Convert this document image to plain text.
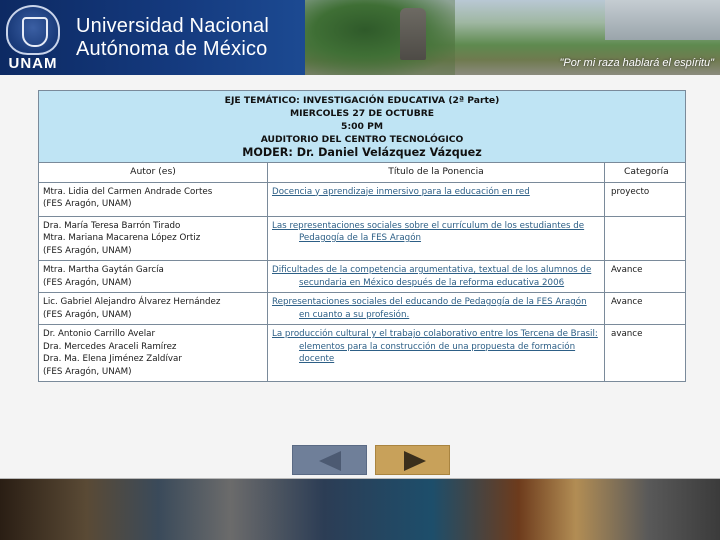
UNAM
Universidad Nacional
Autónoma de México
"Por mi raza hablará el espíritu"
EJE TEMÁTICO: INVESTIGACIÓN EDUCATIVA (2ª Parte)
MIERCOLES 27 DE OCTUBRE
5:00 PM
AUDITORIO DEL CENTRO TECNOLÓGICO
MODER: Dr. Daniel Velázquez Vázquez		

Autor (es)	Título de la Ponencia	Categoría

Mtra. Lidia del Carmen Andrade Cortes
(FES Aragón, UNAM)	Docencia y aprendizaje inmersivo para la educación en red	proyecto

Dra. María Teresa Barrón Tirado
Mtra. Mariana Macarena López Ortiz
(FES Aragón, UNAM)	Las representaciones sociales sobre el currículum de los estudiantes de Pedagogía de la FES Aragón	

Mtra. Martha Gaytán García
(FES Aragón, UNAM)	Dificultades de la competencia argumentativa, textual de los alumnos de secundaria en México después de la reforma educativa 2006	Avance

Lic. Gabriel Alejandro Álvarez Hernández
(FES Aragón, UNAM)	Representaciones sociales del educando de Pedagogía de la FES Aragón en cuanto a su profesión.	Avance

Dr. Antonio Carrillo Avelar
Dra. Mercedes Araceli Ramírez
Dra. Ma. Elena Jiménez Zaldívar
(FES Aragón, UNAM)	La producción cultural y el trabajo colaborativo entre los Tercena de Brasil: elementos para la construcción de una propuesta de formación docente	avance
